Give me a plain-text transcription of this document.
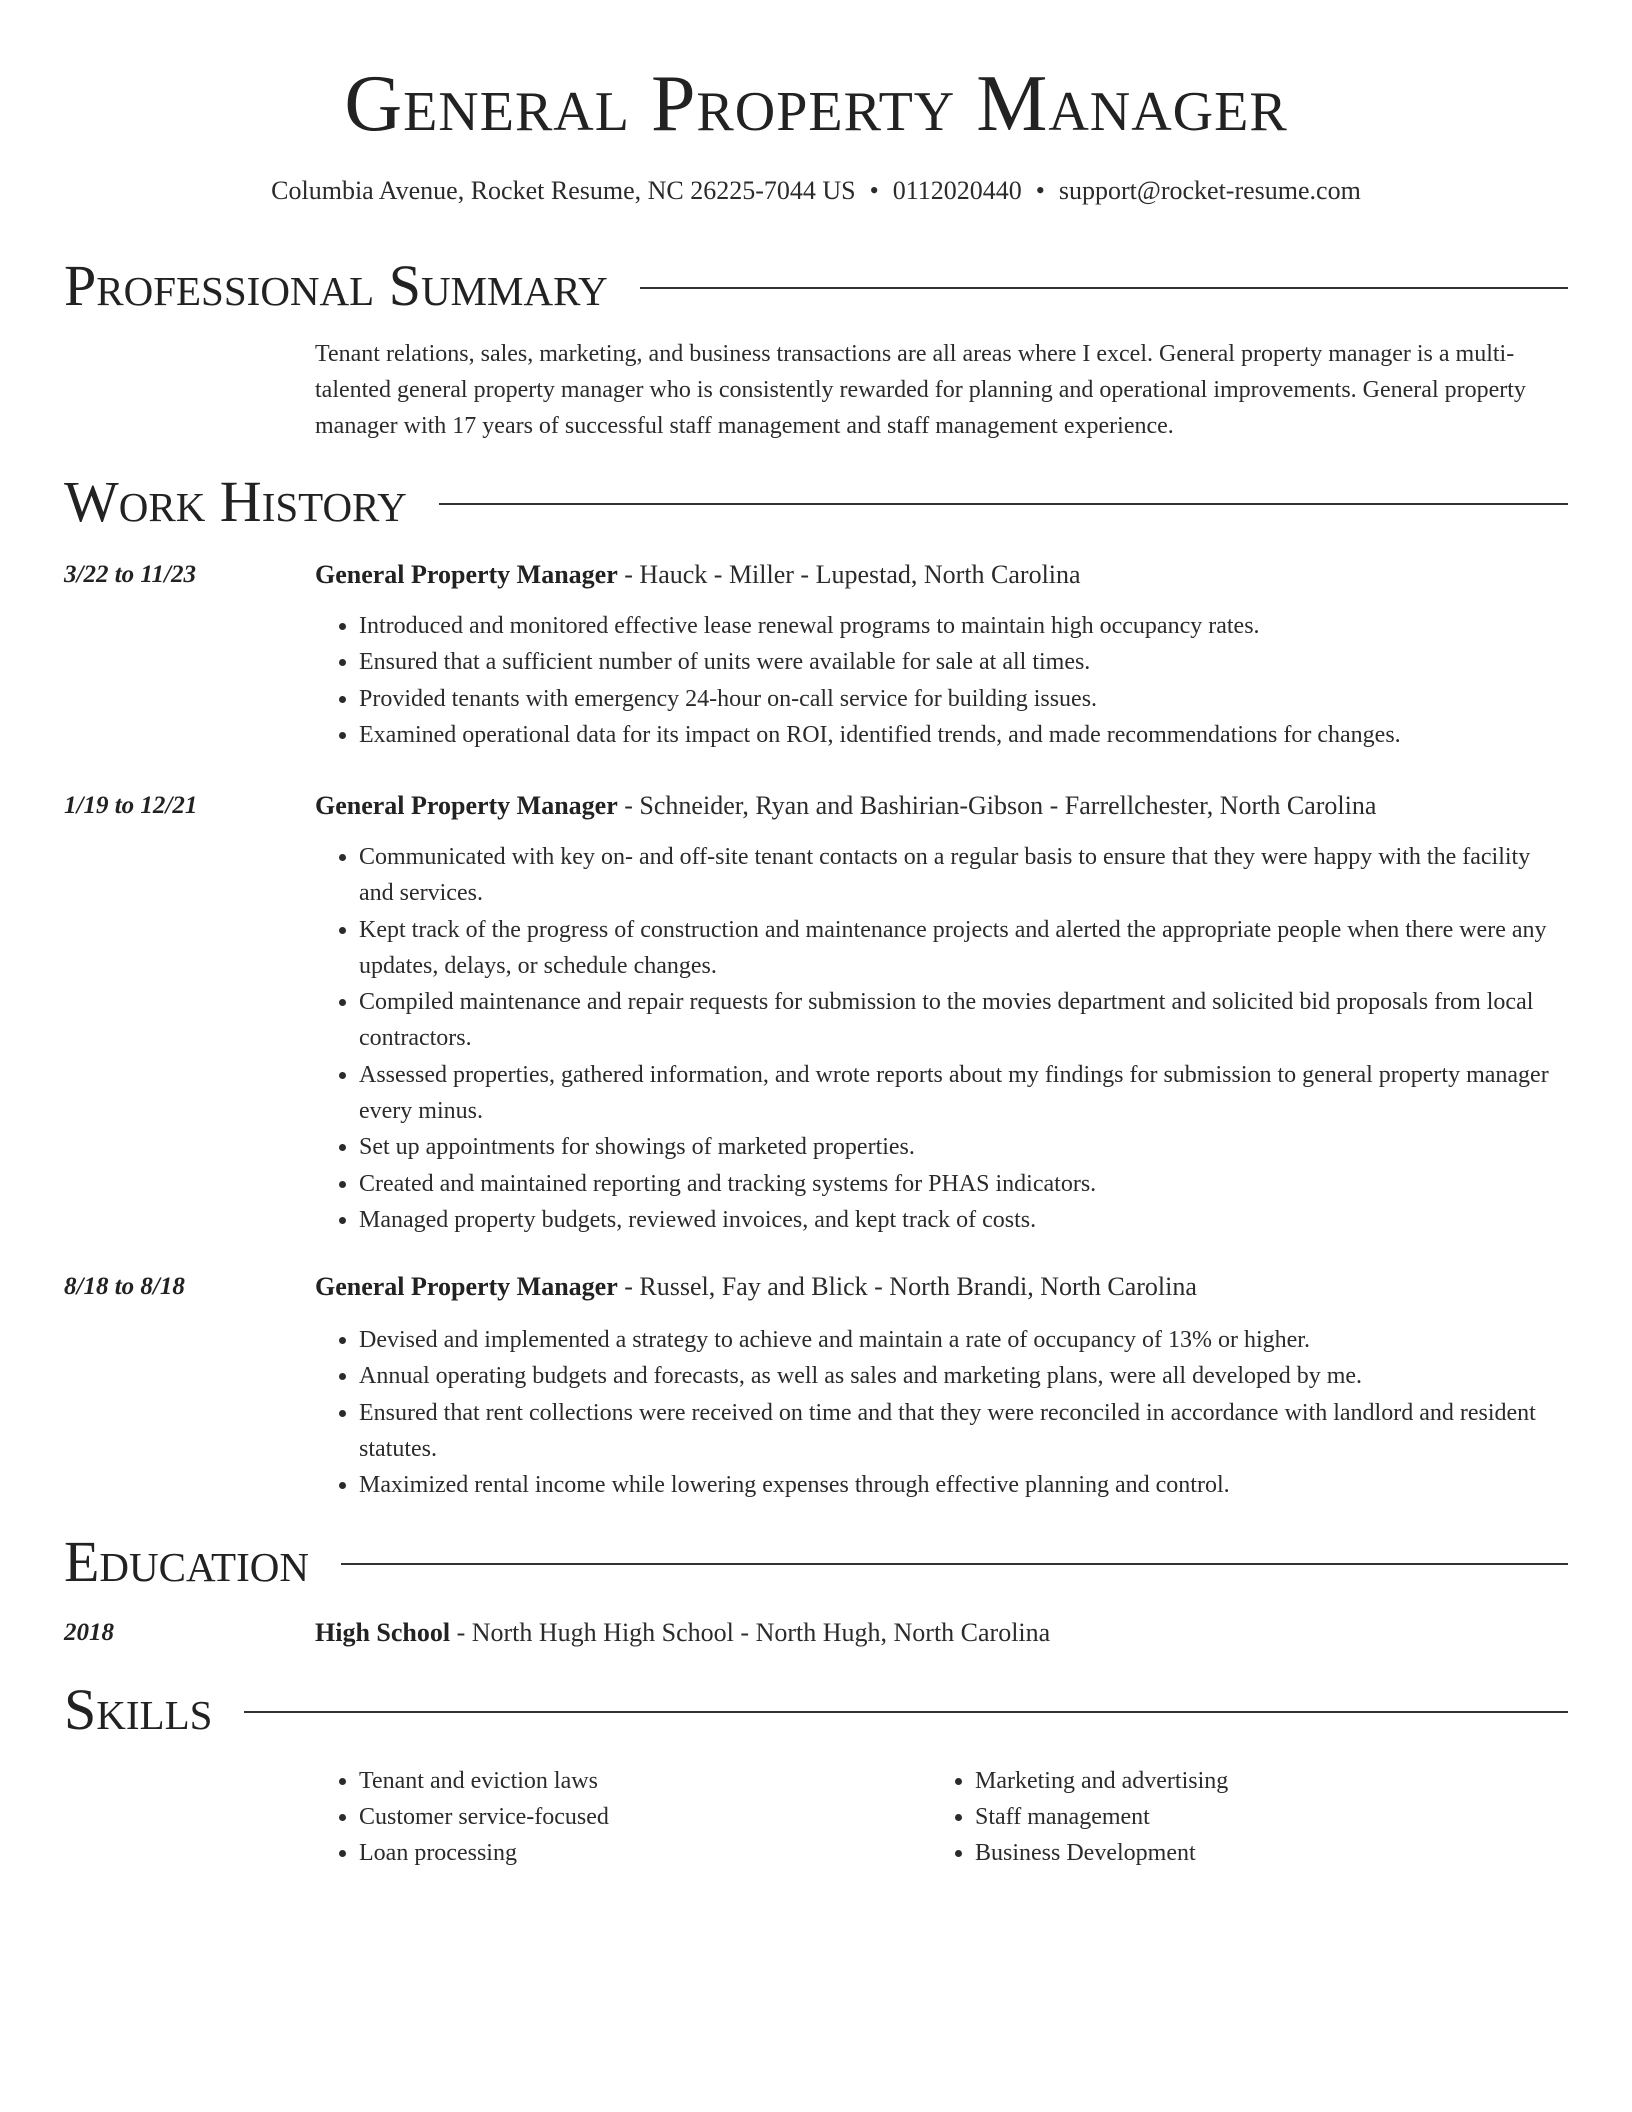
General Property Manager
Columbia Avenue, Rocket Resume, NC 26225-7044 US • 0112020440 • support@rocket-resume.com
Professional Summary
Tenant relations, sales, marketing, and business transactions are all areas where I excel. General property manager is a multi-talented general property manager who is consistently rewarded for planning and operational improvements. General property manager with 17 years of successful staff management and staff management experience.
Work History
3/22 to 11/23	General Property Manager - Hauck - Miller - Lupestad, North Carolina
• Introduced and monitored effective lease renewal programs to maintain high occupancy rates.
• Ensured that a sufficient number of units were available for sale at all times.
• Provided tenants with emergency 24-hour on-call service for building issues.
• Examined operational data for its impact on ROI, identified trends, and made recommendations for changes.
1/19 to 12/21	General Property Manager - Schneider, Ryan and Bashirian-Gibson - Farrellchester, North Carolina
• Communicated with key on- and off-site tenant contacts on a regular basis to ensure that they were happy with the facility and services.
• Kept track of the progress of construction and maintenance projects and alerted the appropriate people when there were any updates, delays, or schedule changes.
• Compiled maintenance and repair requests for submission to the movies department and solicited bid proposals from local contractors.
• Assessed properties, gathered information, and wrote reports about my findings for submission to general property manager every minus.
• Set up appointments for showings of marketed properties.
• Created and maintained reporting and tracking systems for PHAS indicators.
• Managed property budgets, reviewed invoices, and kept track of costs.
8/18 to 8/18	General Property Manager - Russel, Fay and Blick - North Brandi, North Carolina
• Devised and implemented a strategy to achieve and maintain a rate of occupancy of 13% or higher.
• Annual operating budgets and forecasts, as well as sales and marketing plans, were all developed by me.
• Ensured that rent collections were received on time and that they were reconciled in accordance with landlord and resident statutes.
• Maximized rental income while lowering expenses through effective planning and control.
Education
2018	High School - North Hugh High School - North Hugh, North Carolina
Skills
• Tenant and eviction laws
• Customer service-focused
• Loan processing
• Marketing and advertising
• Staff management
• Business Development
